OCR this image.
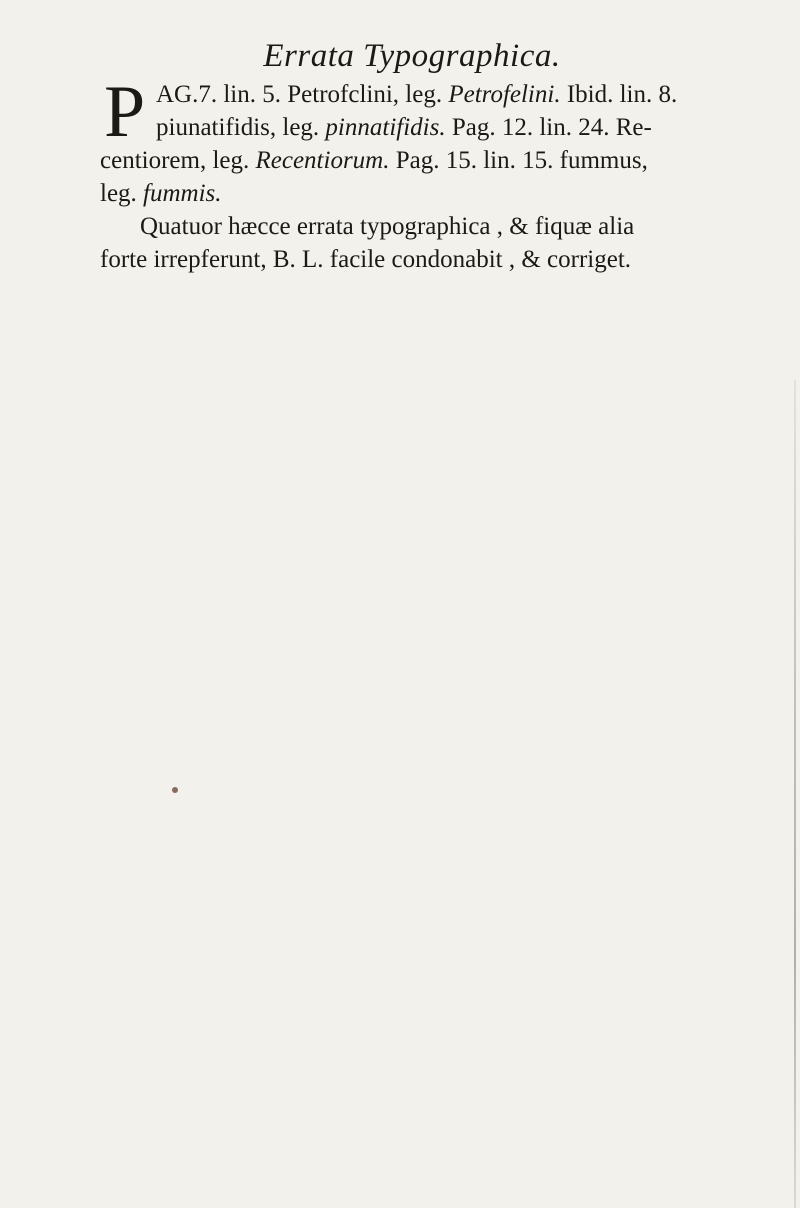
Errata Typographica.

P AG.7. lin. 5. Petrofclini, leg. Petrofelini. Ibid. lin. 8.
piunatifidis, leg. pinnatifidis. Pag. 12. lin. 24. Re-
centiorem, leg. Recentiorum. Pag. 15. lin. 15. fummus,
leg. fummis.

Quatuor hæcce errata typographica , & fiquæ alia
forte irrepferunt, B. L. facile condonabit , & corriget.
